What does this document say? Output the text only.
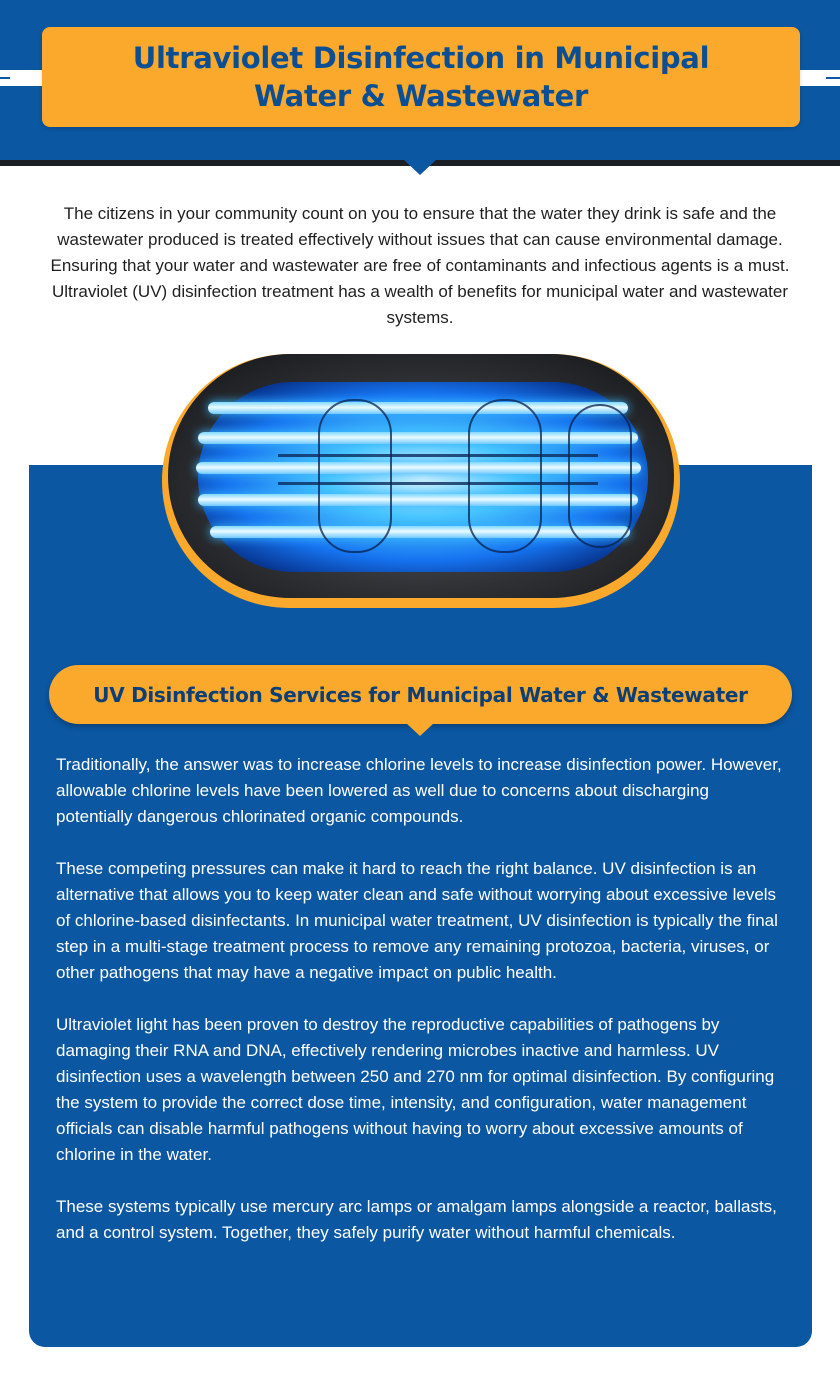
Ultraviolet Disinfection in Municipal Water & Wastewater

The citizens in your community count on you to ensure that the water they drink is safe and the wastewater produced is treated effectively without issues that can cause environmental damage. Ensuring that your water and wastewater are free of contaminants and infectious agents is a must. Ultraviolet (UV) disinfection treatment has a wealth of benefits for municipal water and wastewater systems.

UV Disinfection Services for Municipal Water & Wastewater

Traditionally, the answer was to increase chlorine levels to increase disinfection power. However, allowable chlorine levels have been lowered as well due to concerns about discharging potentially dangerous chlorinated organic compounds.

These competing pressures can make it hard to reach the right balance. UV disinfection is an alternative that allows you to keep water clean and safe without worrying about excessive levels of chlorine-based disinfectants. In municipal water treatment, UV disinfection is typically the final step in a multi-stage treatment process to remove any remaining protozoa, bacteria, viruses, or other pathogens that may have a negative impact on public health.

Ultraviolet light has been proven to destroy the reproductive capabilities of pathogens by damaging their RNA and DNA, effectively rendering microbes inactive and harmless. UV disinfection uses a wavelength between 250 and 270 nm for optimal disinfection. By configuring the system to provide the correct dose time, intensity, and configuration, water management officials can disable harmful pathogens without having to worry about excessive amounts of chlorine in the water.

These systems typically use mercury arc lamps or amalgam lamps alongside a reactor, ballasts, and a control system. Together, they safely purify water without harmful chemicals.
